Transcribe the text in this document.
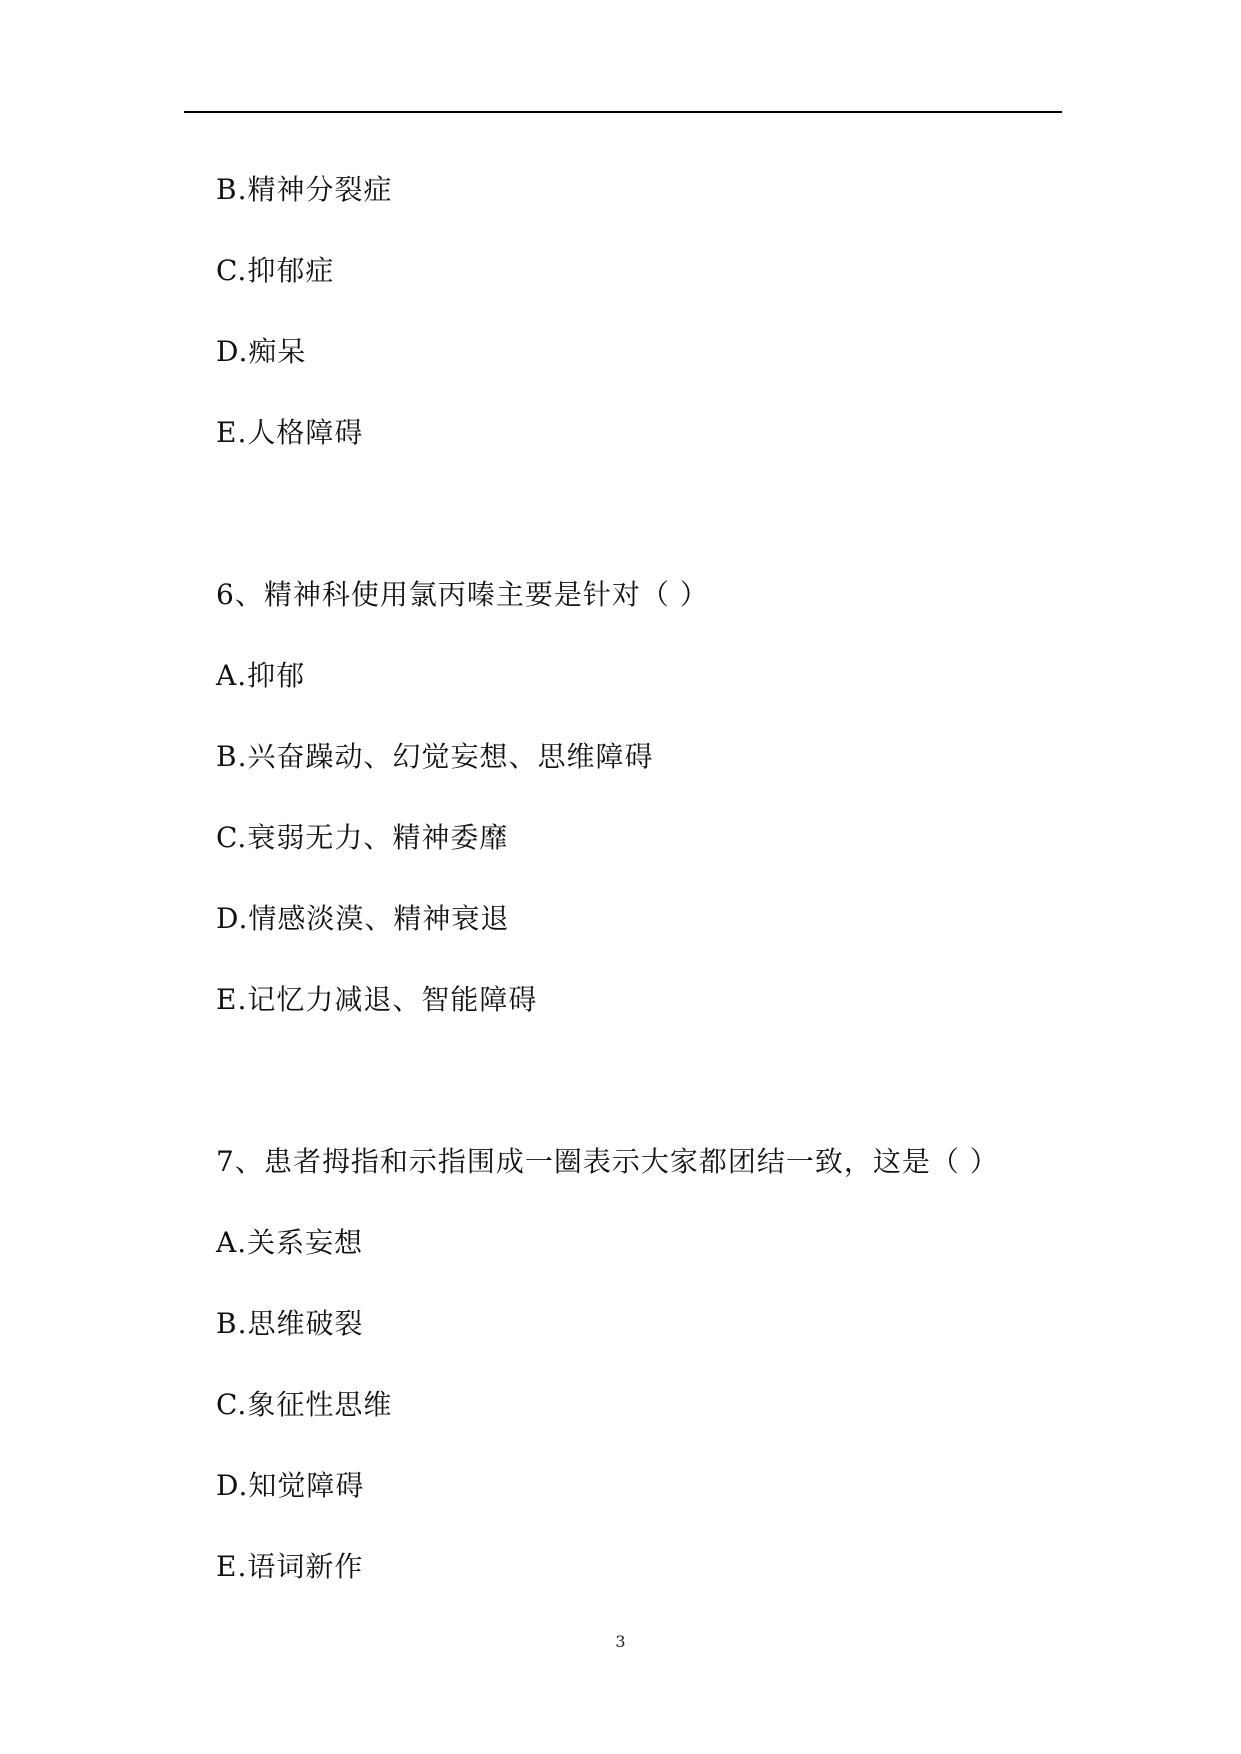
B.精神分裂症
C.抑郁症
D.痴呆
E.人格障碍
6、精神科使用氯丙嗪主要是针对（ ）
A.抑郁
B.兴奋躁动、幻觉妄想、思维障碍
C.衰弱无力、精神委靡
D.情感淡漠、精神衰退
E.记忆力减退、智能障碍
7、患者拇指和示指围成一圈表示大家都团结一致，这是（ ）
A.关系妄想
B.思维破裂
C.象征性思维
D.知觉障碍
E.语词新作
3
